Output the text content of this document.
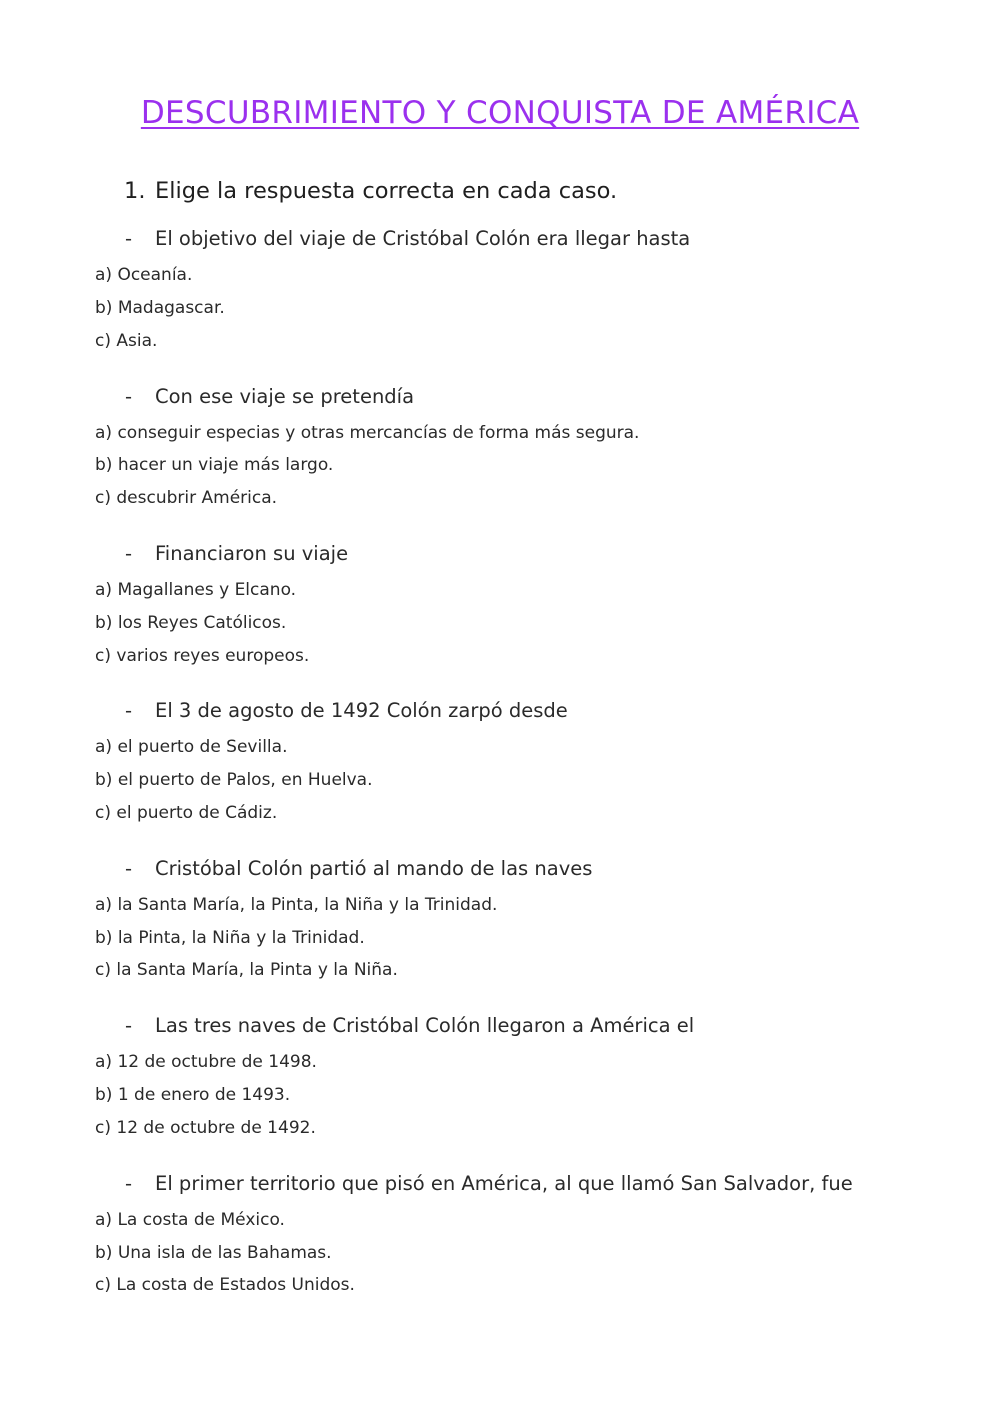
DESCUBRIMIENTO Y CONQUISTA DE AMÉRICA
1. Elige la respuesta correcta en cada caso.
- El objetivo del viaje de Cristóbal Colón era llegar hasta
a) Oceanía.
b) Madagascar.
c) Asia.
- Con ese viaje se pretendía
a) conseguir especias y otras mercancías de forma más segura.
b) hacer un viaje más largo.
c) descubrir América.
- Financiaron su viaje
a) Magallanes y Elcano.
b) los Reyes Católicos.
c) varios reyes europeos.
- El 3 de agosto de 1492 Colón zarpó desde
a) el puerto de Sevilla.
b) el puerto de Palos, en Huelva.
c) el puerto de Cádiz.
- Cristóbal Colón partió al mando de las naves
a) la Santa María, la Pinta, la Niña y la Trinidad.
b) la Pinta, la Niña y la Trinidad.
c) la Santa María, la Pinta y la Niña.
- Las tres naves de Cristóbal Colón llegaron a América el
a) 12 de octubre de 1498.
b) 1 de enero de 1493.
c) 12 de octubre de 1492.
- El primer territorio que pisó en América, al que llamó San Salvador, fue
a) La costa de México.
b) Una isla de las Bahamas.
c) La costa de Estados Unidos.
